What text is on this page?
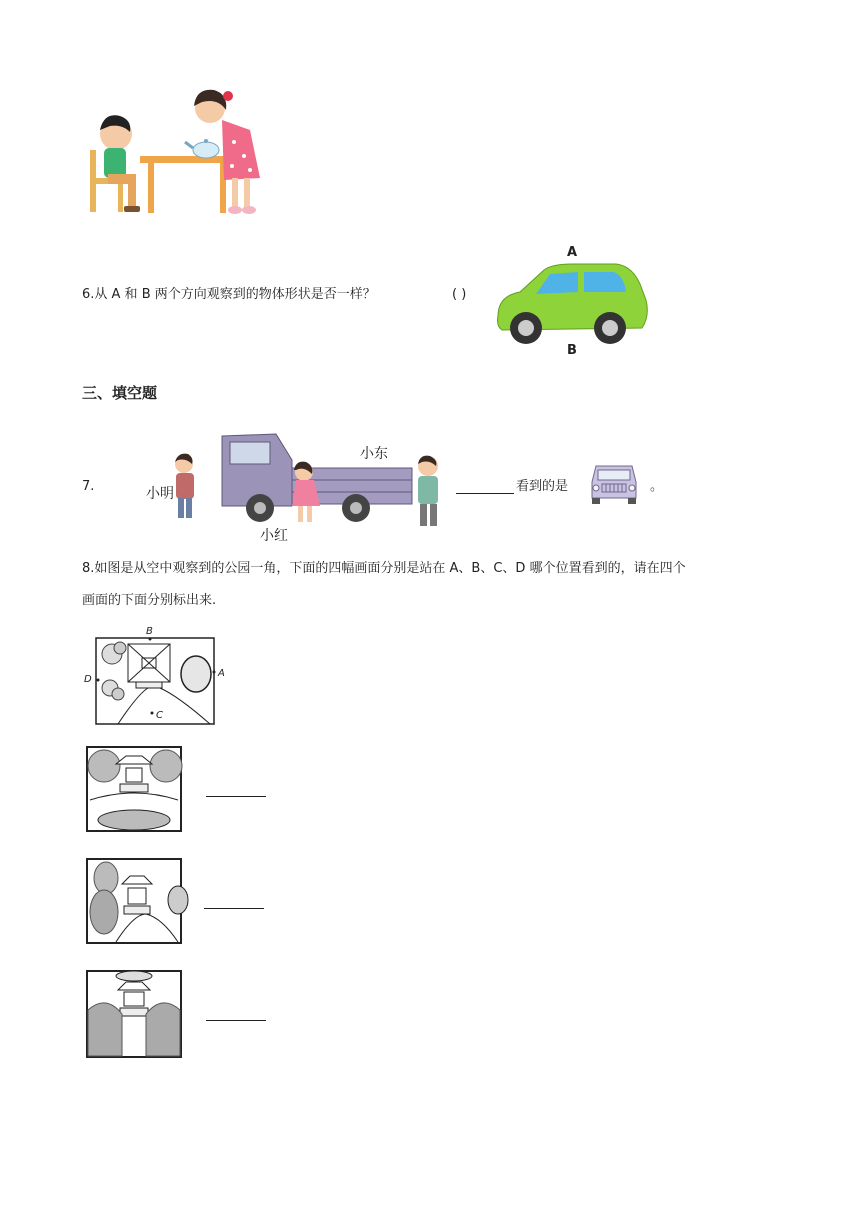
6.从 A 和 B 两个方向观察到的物体形状是否一样？	( )
A
B
三、填空题
7.	小明
小红
小东
看到的是	。
8.如图是从空中观察到的公园一角，下面的四幅画面分别是站在 A、B、C、D 哪个位置看到的，请在四个
画面的下面分别标出来.
B
D
A
C
